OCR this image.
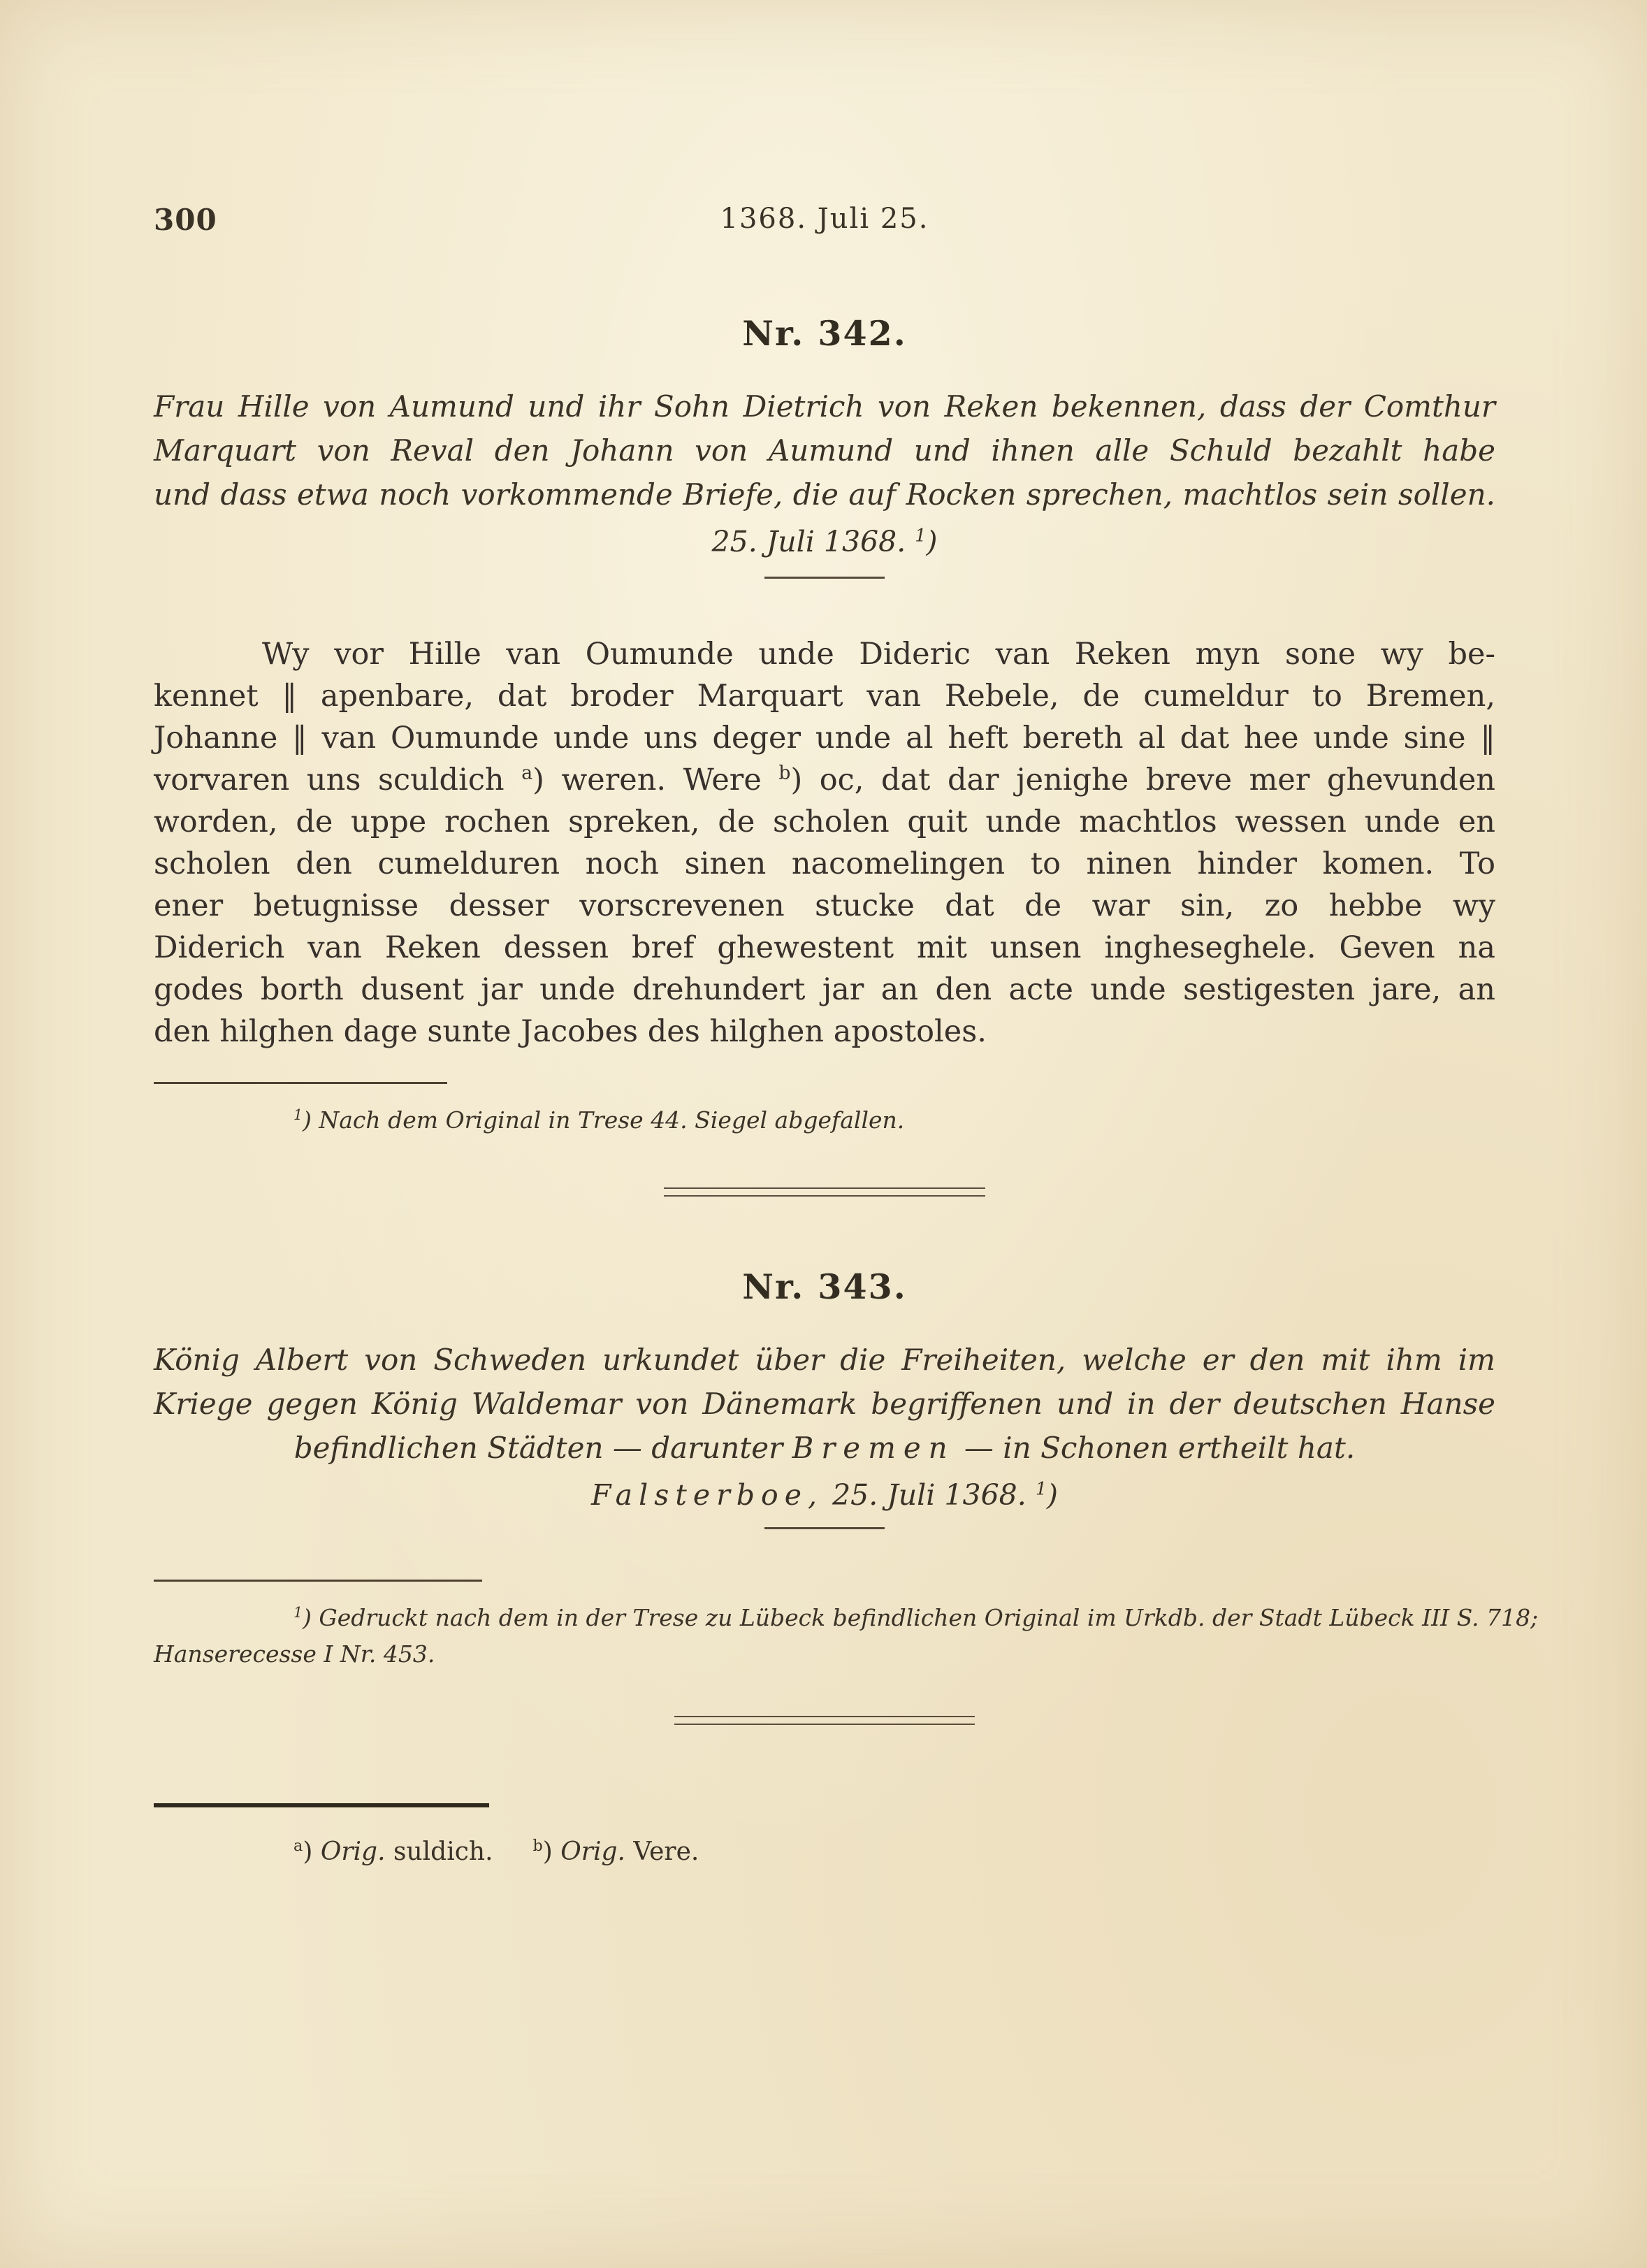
300	1368. Juli 25.
Nr. 342.
Frau Hille von Aumund und ihr Sohn Dietrich von Reken bekennen, dass der Comthur
Marquart von Reval den Johann von Aumund und ihnen alle Schuld bezahlt habe
und dass etwa noch vorkommende Briefe, die auf Rocken sprechen, machtlos sein sollen.
25. Juli 1368. $^1$)
Wy vor Hille van Oumunde unde Dideric van Reken myn sone wy be-
kennet ‖ apenbare, dat broder Marquart van Rebele, de cumeldur to Bremen,
Johanne ‖ van Oumunde unde uns deger unde al heft bereth al dat hee unde sine ‖
vorvaren uns sculdich $^a$) weren. Were $^b$) oc, dat dar jenighe breve mer ghevunden
worden, de uppe rochen spreken, de scholen quit unde machtlos wessen unde en
scholen den cumelduren noch sinen nacomelingen to ninen hinder komen. To
ener betugnisse desser vorscrevenen stucke dat de war sin, zo hebbe wy
Diderich van Reken dessen bref ghewestent mit unsen ingheseghele. Geven na
godes borth dusent jar unde drehundert jar an den acte unde sestigesten jare, an
den hilghen dage sunte Jacobes des hilghen apostoles.
$^1$) Nach dem Original in Trese 44. Siegel abgefallen.
Nr. 343.
König Albert von Schweden urkundet über die Freiheiten, welche er den mit ihm im
Kriege gegen König Waldemar von Dänemark begriffenen und in der deutschen Hanse
befindlichen Städten — darunter Bremen — in Schonen ertheilt hat.
Falsterboe, 25. Juli 1368. $^1$)
$^1$) Gedruckt nach dem in der Trese zu Lübeck befindlichen Original im Urkdb. der Stadt Lübeck III S. 718;
Hanserecesse I Nr. 453.
$^a$) Orig. suldich.	$^b$) Orig. Vere.
